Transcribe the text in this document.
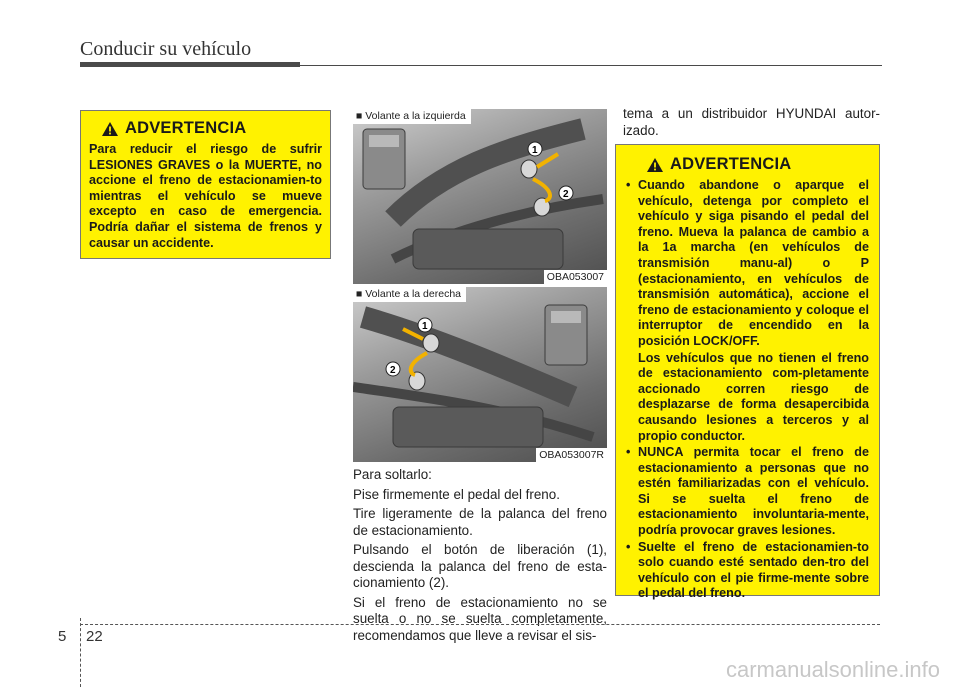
Conducir su vehículo
ADVERTENCIA
Para reducir el riesgo de sufrir LESIONES GRAVES o la MUERTE, no accione el freno de estacionamien-to mientras el vehículo se mueve excepto en caso de emergencia. Podría dañar el sistema de frenos y causar un accidente.
1
2
■ Volante a la izquierda
OBA053007
1
2
■ Volante a la derecha
OBA053007R

Para soltarlo:

Pise firmemente el pedal del freno.

Tire ligeramente de la palanca del freno de estacionamiento.

Pulsando el botón de liberación (1), descienda la palanca del freno de esta-cionamiento (2).

Si el freno de estacionamiento no se suelta o no se suelta completamente, recomendamos que lleve a revisar el sis-

tema a un distribuidor HYUNDAI autor-izado.
ADVERTENCIA
• Cuando abandone o aparque el vehículo, detenga por completo el vehículo y siga pisando el pedal del freno. Mueva la palanca de cambio a la 1a marcha (en vehículos de transmisión manu-al) o P (estacionamiento, en vehículos de transmisión automática), accione el freno de estacionamiento y coloque el interruptor de encendido en la posición LOCK/OFF.
Los vehículos que no tienen el freno de estacionamiento com-pletamente accionado corren riesgo de desplazarse de forma desapercibida causando lesiones a terceros y al propio conductor.
• NUNCA permita tocar el freno de estacionamiento a personas que no estén familiarizadas con el vehículo. Si se suelta el freno de estacionamiento involuntaria-mente, podría provocar graves lesiones.
• Suelte el freno de estacionamien-to solo cuando esté sentado den-tro del vehículo con el pie firme-mente sobre el pedal del freno.
5 22
carmanualsonline.info
